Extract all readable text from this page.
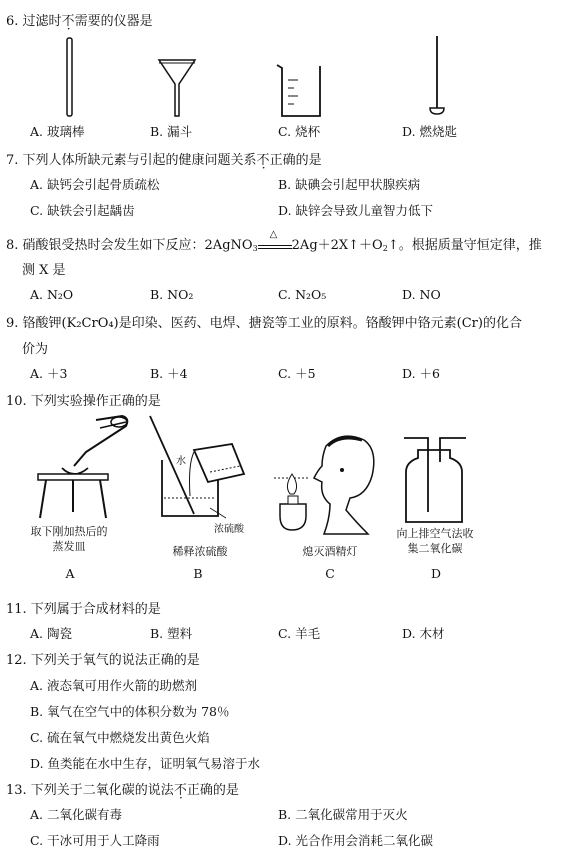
6. 过滤时不需要的仪器是
A. 玻璃棒	B. 漏斗	C. 烧杯	D. 燃烧匙
7. 下列人体所缺元素与引起的健康问题关系不正确的是
A. 缺钙会引起骨质疏松	B. 缺碘会引起甲状腺疾病
C. 缺铁会引起龋齿	D. 缺锌会导致儿童智力低下
8. 硝酸银受热时会发生如下反应：2AgNO$_3$
△
$2Ag+2X↑+O_2↑$。根据质量守恒定律，推
测 X 是
A. N₂O	B. NO₂	C. N₂O₅	D. NO
9. 铬酸钾(K₂CrO₄)是印染、医药、电焊、搪瓷等工业的原料。铬酸钾中铬元素(Cr)的化合
价为
A. ＋3	B. ＋4	C. ＋5	D. ＋6
10. 下列实验操作正确的是
取下刚加热后的蒸发皿
A
水
浓硫酸
稀释浓硫酸
B
熄灭酒精灯
C
向上排空气法收集二氧化碳
D
11. 下列属于合成材料的是
A. 陶瓷	B. 塑料	C. 羊毛	D. 木材
12. 下列关于氧气的说法正确的是
A. 液态氧可用作火箭的助燃剂
B. 氧气在空气中的体积分数为 78％
C. 硫在氧气中燃烧发出黄色火焰
D. 鱼类能在水中生存，证明氧气易溶于水
13. 下列关于二氧化碳的说法不正确的是
A. 二氧化碳有毒	B. 二氧化碳常用于灭火
C. 干冰可用于人工降雨	D. 光合作用会消耗二氧化碳
